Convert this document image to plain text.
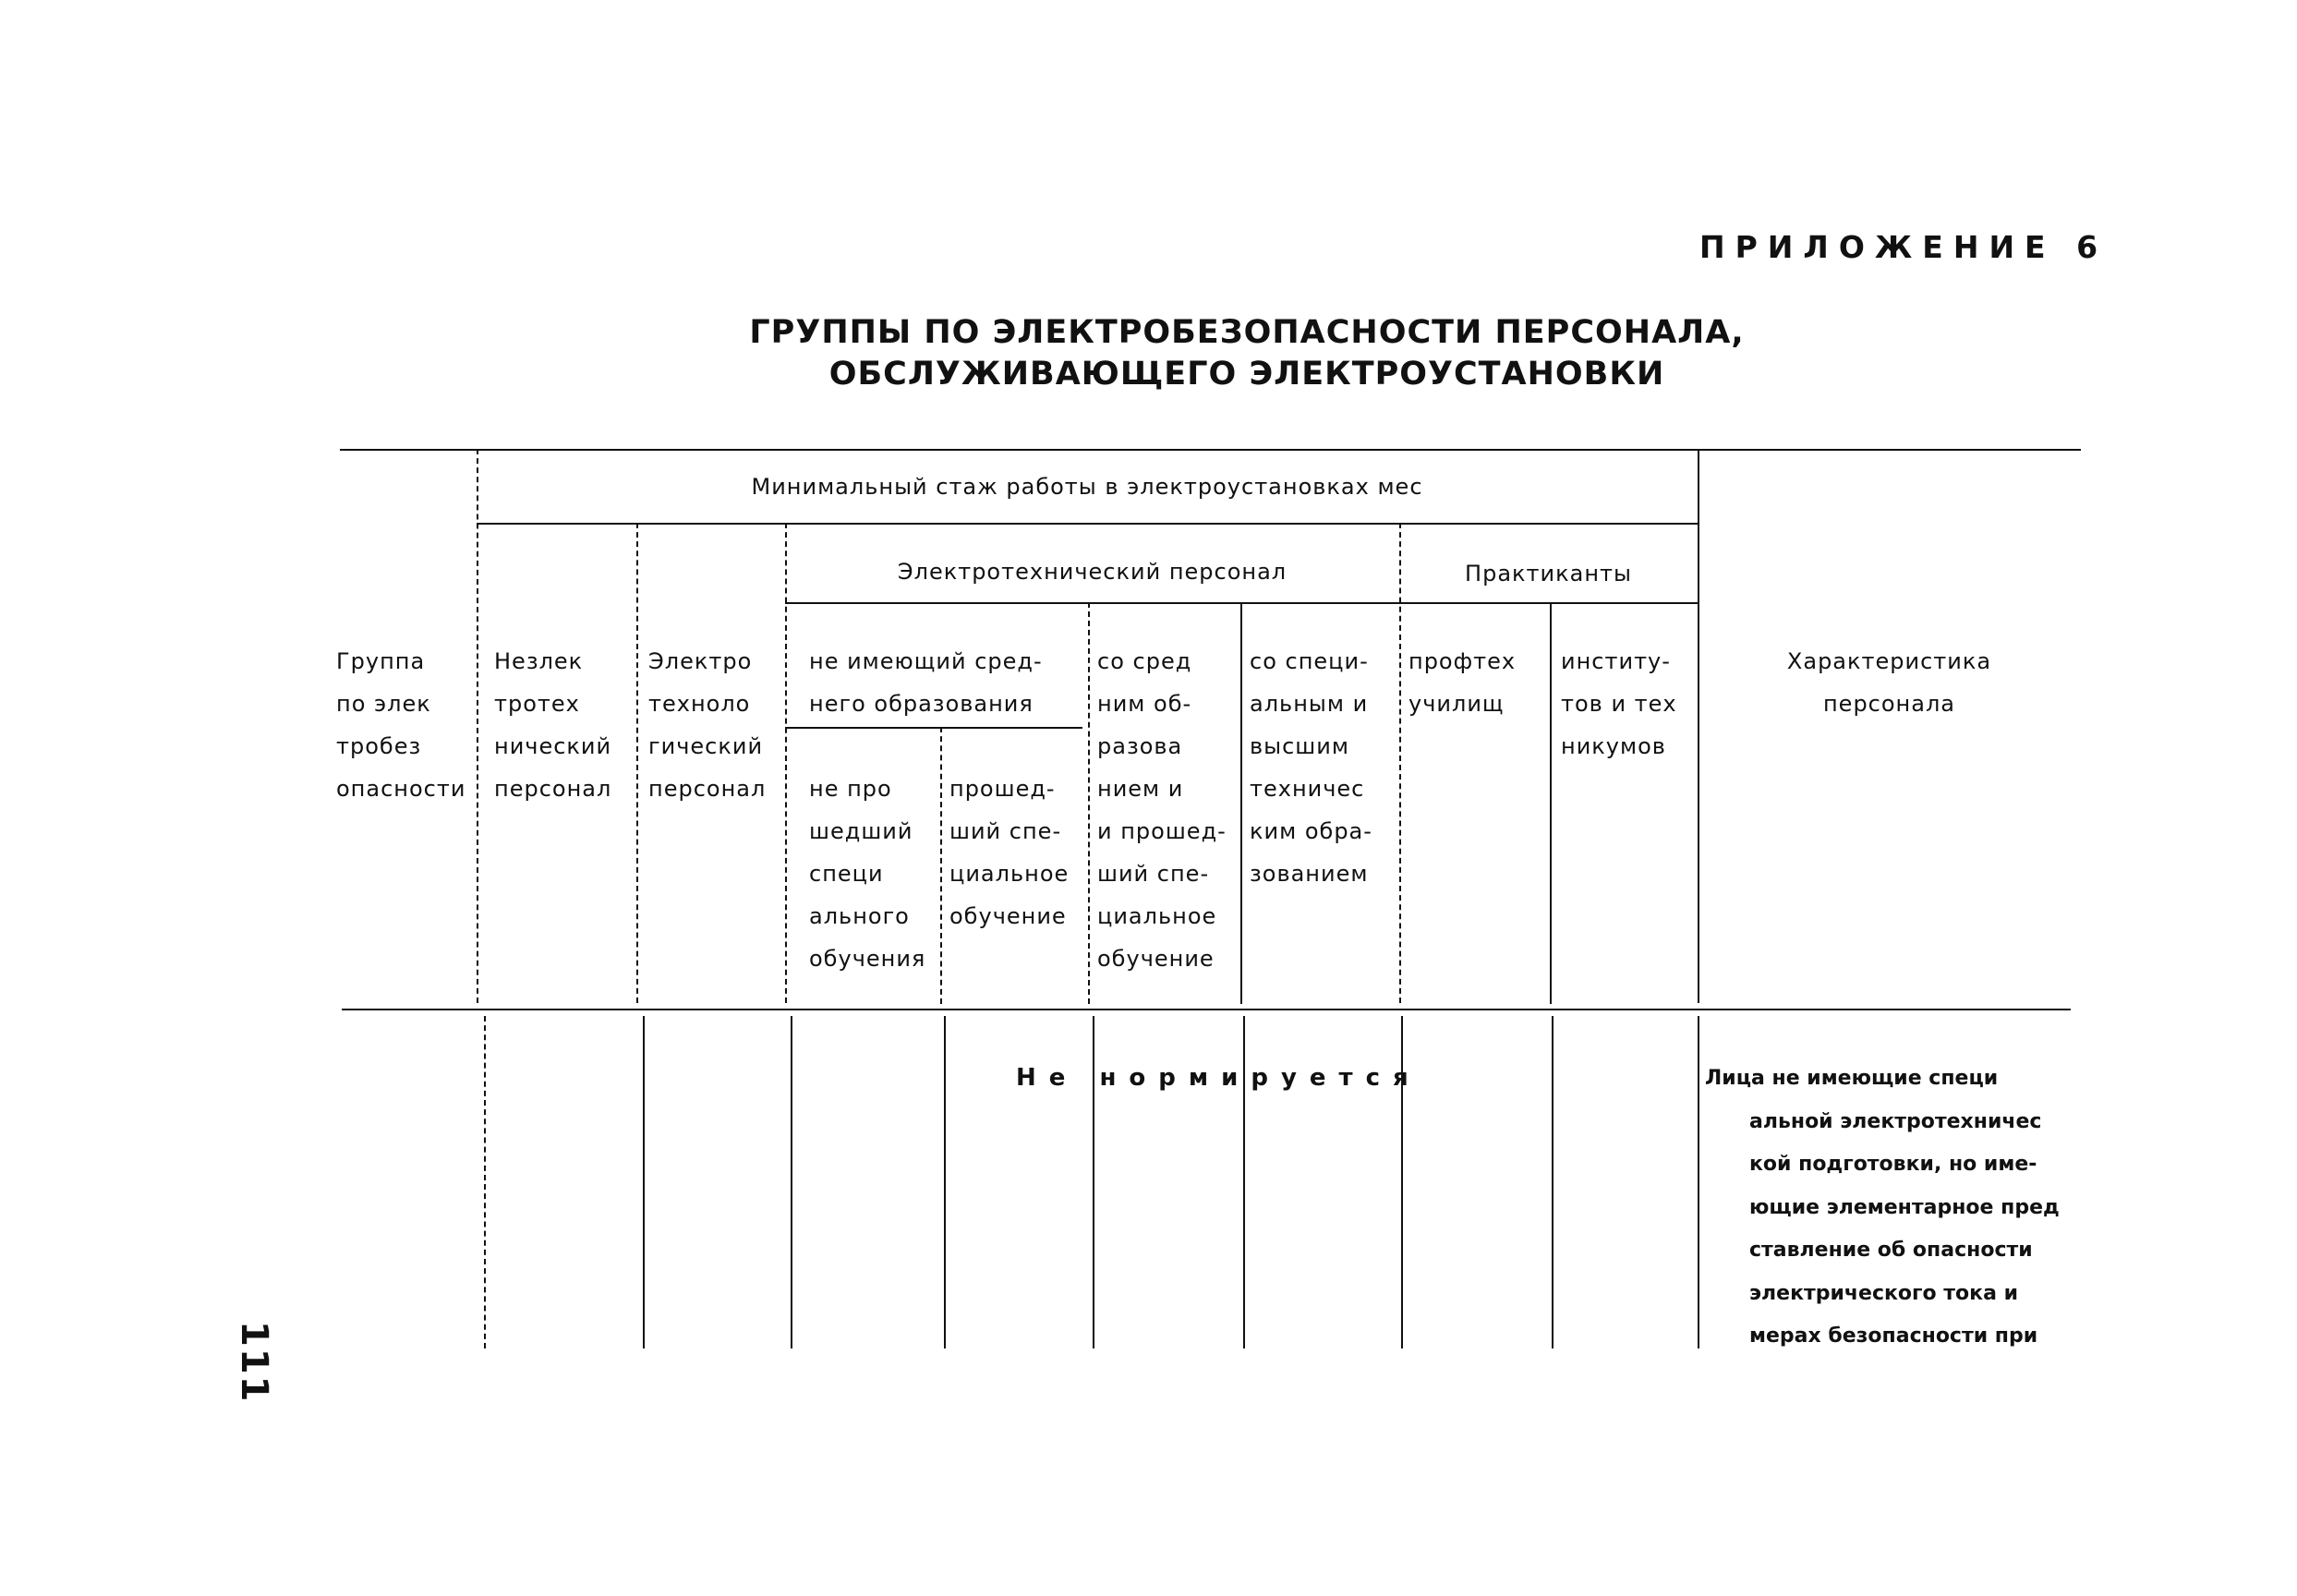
ПРИЛОЖЕНИЕ 6
ГРУППЫ ПО ЭЛЕКТРОБЕЗОПАСНОСТИ ПЕРСОНАЛА,
ОБСЛУЖИВАЮЩЕГО ЭЛЕКТРОУСТАНОВКИ
111
Минимальный стаж работы в электроустановках мес
Электротехнический персонал	Практиканты
Группа
по элек
тробез
опасности
Незлек
тротех
нический
персонал
Электро
техноло
гический
персонал
не имеющий сред-
него образования
не про
шедший
специ
ального
обучения
прошед-
ший спе-
циальное
обучение
со сред
ним об-
разова
нием и
и прошед-
ший спе-
циальное
обучение
со специ-
альным и
высшим
техничес
ким обра-
зованием
профтех
училищ
институ-
тов и тех
никумов
Характеристика
персонала
Не нормируется	Лица не имеющие специ
альной электротехничес
кой подготовки, но име-
ющие элементарное пред
ставление об опасности
электрического тока и
мерах безопасности при
